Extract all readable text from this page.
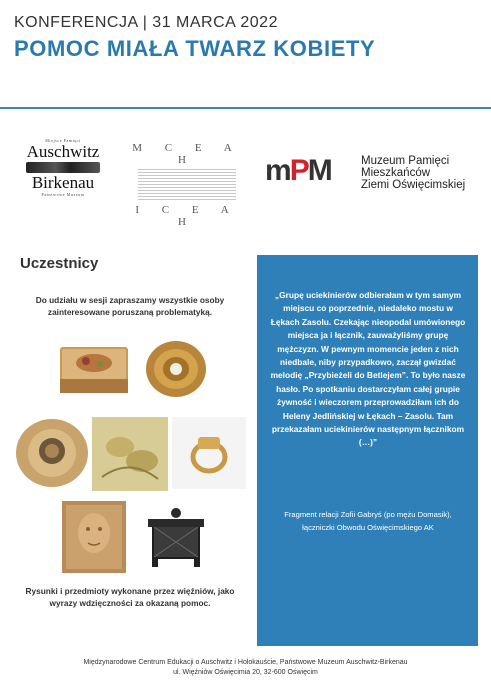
KONFERENCJA | 31 MARCA 2022
POMOC MIAŁA TWARZ KOBIETY
Miejsce Pamięci
Auschwitz
Birkenau
Państwowe Muzeum
M C E A H
I C E A H
mPM	Muzeum Pamięci
Mieszkańców
Ziemi Oświęcimskiej
Uczestnicy
Do udziału w sesji zapraszamy wszystkie osoby zainteresowane poruszaną problematyką.
Rysunki i przedmioty wykonane przez więźniów, jako wyrazy wdzięczności za okazaną pomoc.
„Grupę uciekinierów odbierałam w tym samym miejscu co poprzednie, niedaleko mostu w Łękach Zasolu. Czekając nieopodal umówionego miejsca ja i łącznik, zauważyliśmy grupę mężczyzn. W pewnym momencie jeden z nich niedbale, niby przypadkowo, zaczął gwizdać melodię „Przybieżeli do Betlejem”. To było nasze hasło. Po spotkaniu dostarczyłam całej grupie żywność i wieczorem przeprowadziłam ich do Heleny Jedlińskiej w Łękach – Zasolu. Tam przekazałam uciekinierów następnym łącznikom (…)”
Fragment relacji Zofii Gabryś (po mężu Domasik),
łączniczki Obwodu Oświęcimskiego AK
Międzynarodowe Centrum Edukacji o Auschwitz i Holokauście, Państwowe Muzeum Auschwitz-Birkenau
ul. Więźniów Oświęcimia 20, 32-600 Oświęcim
